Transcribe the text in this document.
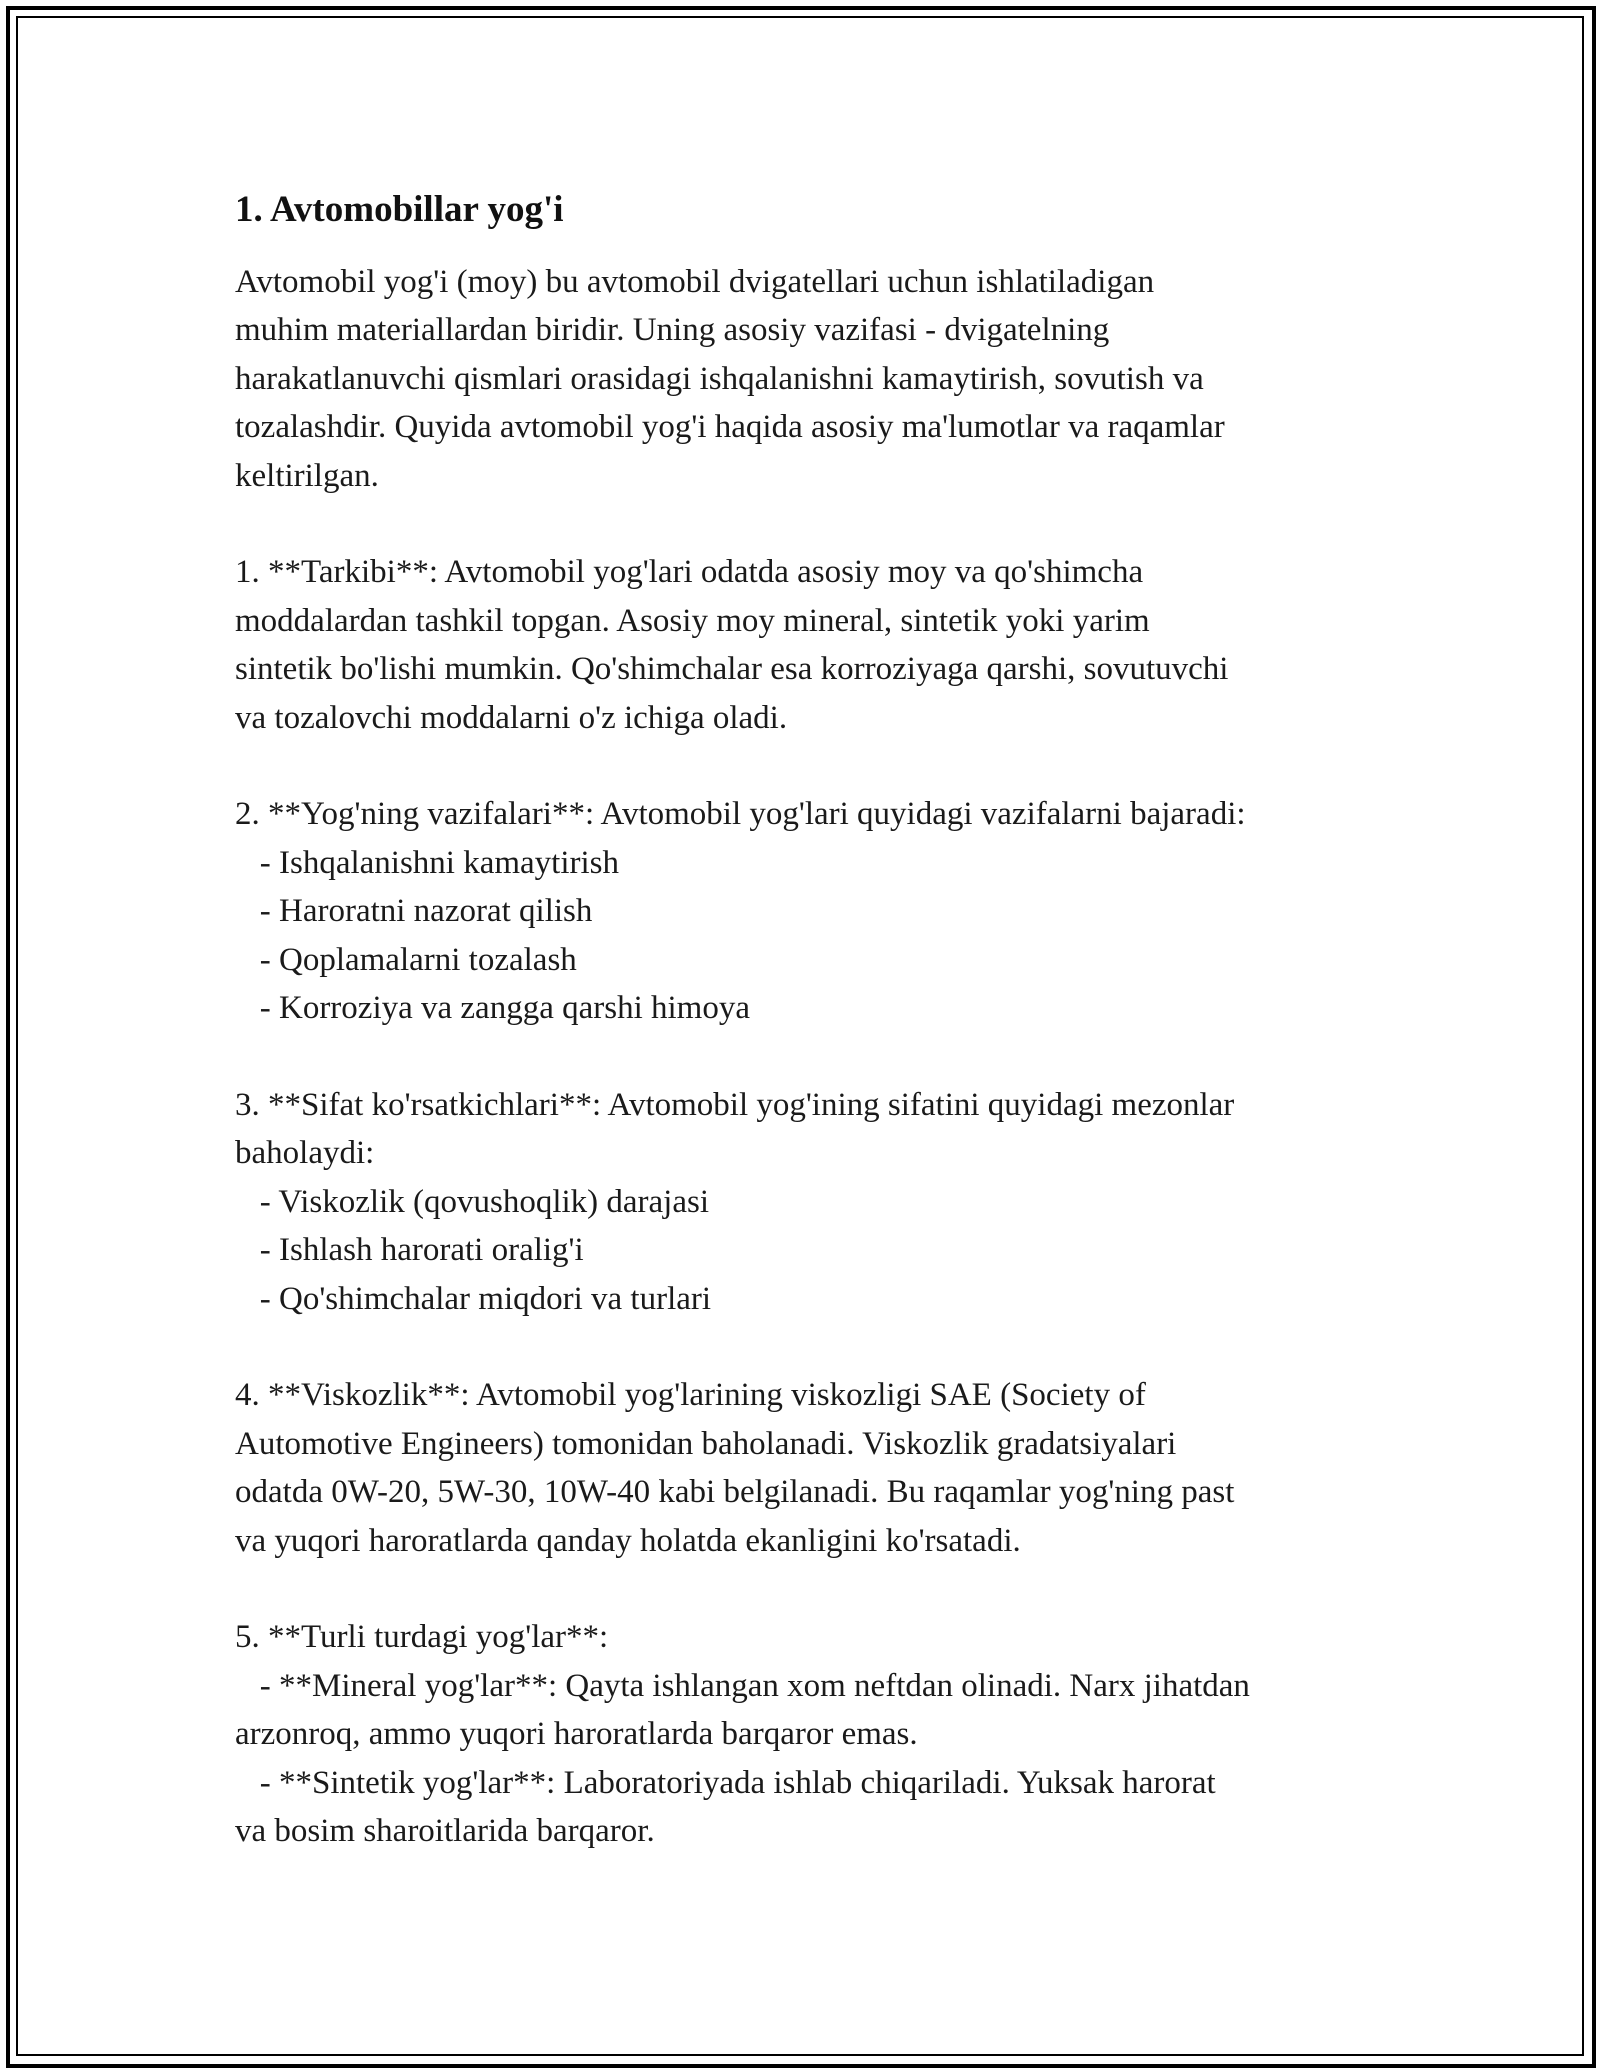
1. Avtomobillar yog'i

Avtomobil yog'i (moy) bu avtomobil dvigatellari uchun ishlatiladigan
muhim materiallardan biridir. Uning asosiy vazifasi - dvigatelning
harakatlanuvchi qismlari orasidagi ishqalanishni kamaytirish, sovutish va
tozalashdir. Quyida avtomobil yog'i haqida asosiy ma'lumotlar va raqamlar
keltirilgan.

1. **Tarkibi**: Avtomobil yog'lari odatda asosiy moy va qo'shimcha
moddalardan tashkil topgan. Asosiy moy mineral, sintetik yoki yarim
sintetik bo'lishi mumkin. Qo'shimchalar esa korroziyaga qarshi, sovutuvchi
va tozalovchi moddalarni o'z ichiga oladi.

2. **Yog'ning vazifalari**: Avtomobil yog'lari quyidagi vazifalarni bajaradi:
- Ishqalanishni kamaytirish
- Haroratni nazorat qilish
- Qoplamalarni tozalash
- Korroziya va zangga qarshi himoya

3. **Sifat ko'rsatkichlari**: Avtomobil yog'ining sifatini quyidagi mezonlar
baholaydi:
- Viskozlik (qovushoqlik) darajasi
- Ishlash harorati oralig'i
- Qo'shimchalar miqdori va turlari

4. **Viskozlik**: Avtomobil yog'larining viskozligi SAE (Society of
Automotive Engineers) tomonidan baholanadi. Viskozlik gradatsiyalari
odatda 0W-20, 5W-30, 10W-40 kabi belgilanadi. Bu raqamlar yog'ning past
va yuqori haroratlarda qanday holatda ekanligini ko'rsatadi.

5. **Turli turdagi yog'lar**:
- **Mineral yog'lar**: Qayta ishlangan xom neftdan olinadi. Narx jihatdan
arzonroq, ammo yuqori haroratlarda barqaror emas.
- **Sintetik yog'lar**: Laboratoriyada ishlab chiqariladi. Yuksak harorat
va bosim sharoitlarida barqaror.
